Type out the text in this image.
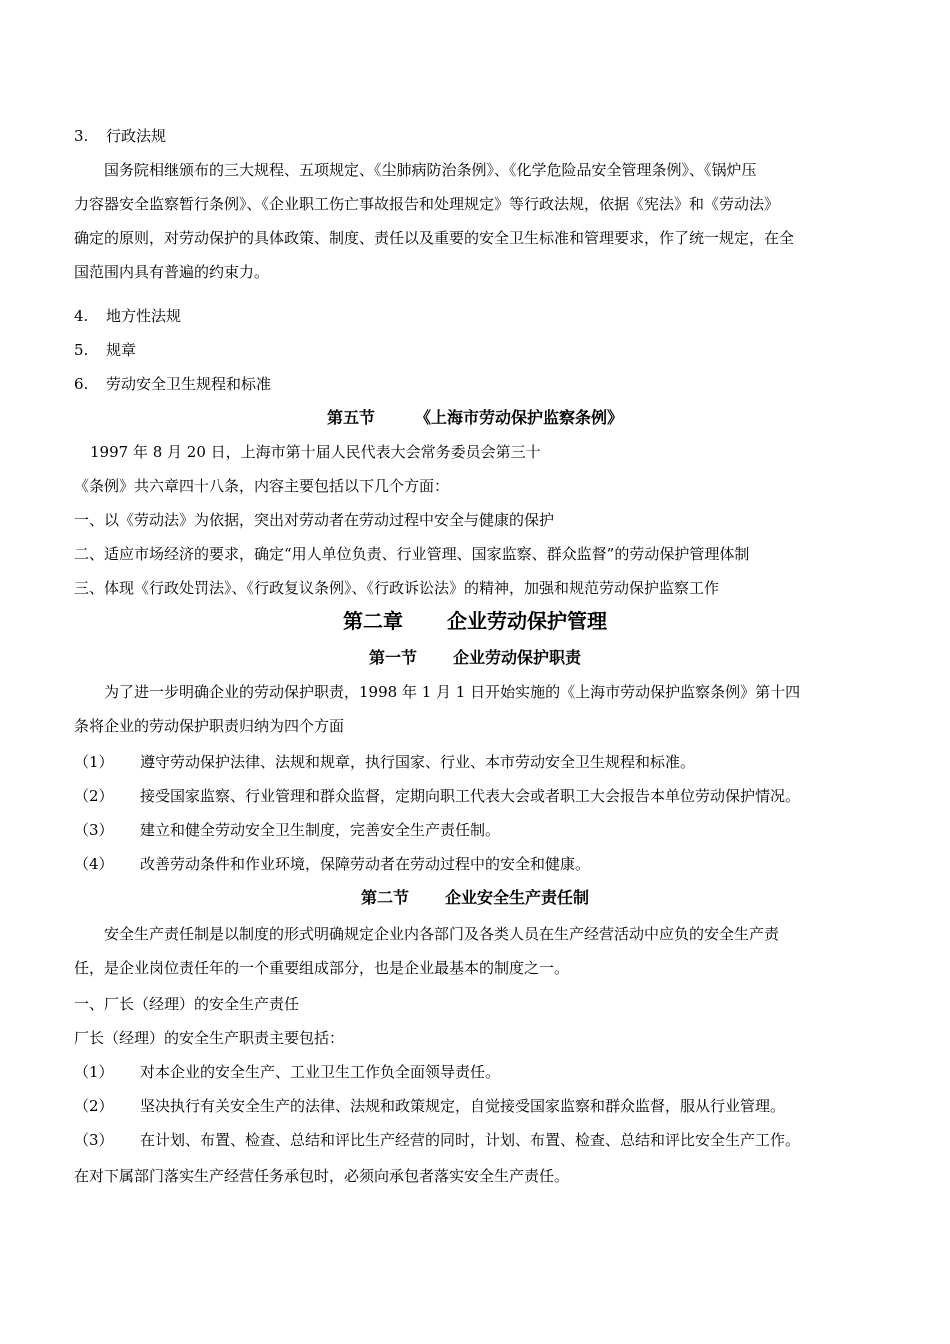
3. 行政法规
国务院相继颁布的三大规程、五项规定、《尘肺病防治条例》、《化学危险品安全管理条例》、《锅炉压
力容器安全监察暂行条例》、《企业职工伤亡事故报告和处理规定》等行政法规，依据《宪法》和《劳动法》
确定的原则，对劳动保护的具体政策、制度、责任以及重要的安全卫生标准和管理要求，作了统一规定，在全
国范围内具有普遍的约束力。
4. 地方性法规
5. 规章
6. 劳动安全卫生规程和标准
第五节	《上海市劳动保护监察条例》
1997 年 8 月 20 日，上海市第十届人民代表大会常务委员会第三十
《条例》共六章四十八条，内容主要包括以下几个方面：
一、以《劳动法》为依据，突出对劳动者在劳动过程中安全与健康的保护
二、适应市场经济的要求，确定“用人单位负责、行业管理、国家监察、群众监督”的劳动保护管理体制
三、体现《行政处罚法》、《行政复议条例》、《行政诉讼法》的精神，加强和规范劳动保护监察工作
第二章 企业劳动保护管理
第一节 企业劳动保护职责
为了进一步明确企业的劳动保护职责，1998 年 1 月 1 日开始实施的《上海市劳动保护监察条例》第十四
条将企业的劳动保护职责归纳为四个方面
（1） 遵守劳动保护法律、法规和规章，执行国家、行业、本市劳动安全卫生规程和标准。
（2） 接受国家监察、行业管理和群众监督，定期向职工代表大会或者职工大会报告本单位劳动保护情况。
（3） 建立和健全劳动安全卫生制度，完善安全生产责任制。
（4） 改善劳动条件和作业环境，保障劳动者在劳动过程中的安全和健康。
第二节 企业安全生产责任制
安全生产责任制是以制度的形式明确规定企业内各部门及各类人员在生产经营活动中应负的安全生产责
任，是企业岗位责任年的一个重要组成部分，也是企业最基本的制度之一。
一、厂长（经理）的安全生产责任
厂长（经理）的安全生产职责主要包括：
（1） 对本企业的安全生产、工业卫生工作负全面领导责任。
（2） 坚决执行有关安全生产的法律、法规和政策规定，自觉接受国家监察和群众监督，服从行业管理。
（3） 在计划、布置、检查、总结和评比生产经营的同时，计划、布置、检查、总结和评比安全生产工作。
在对下属部门落实生产经营任务承包时，必须向承包者落实安全生产责任。
